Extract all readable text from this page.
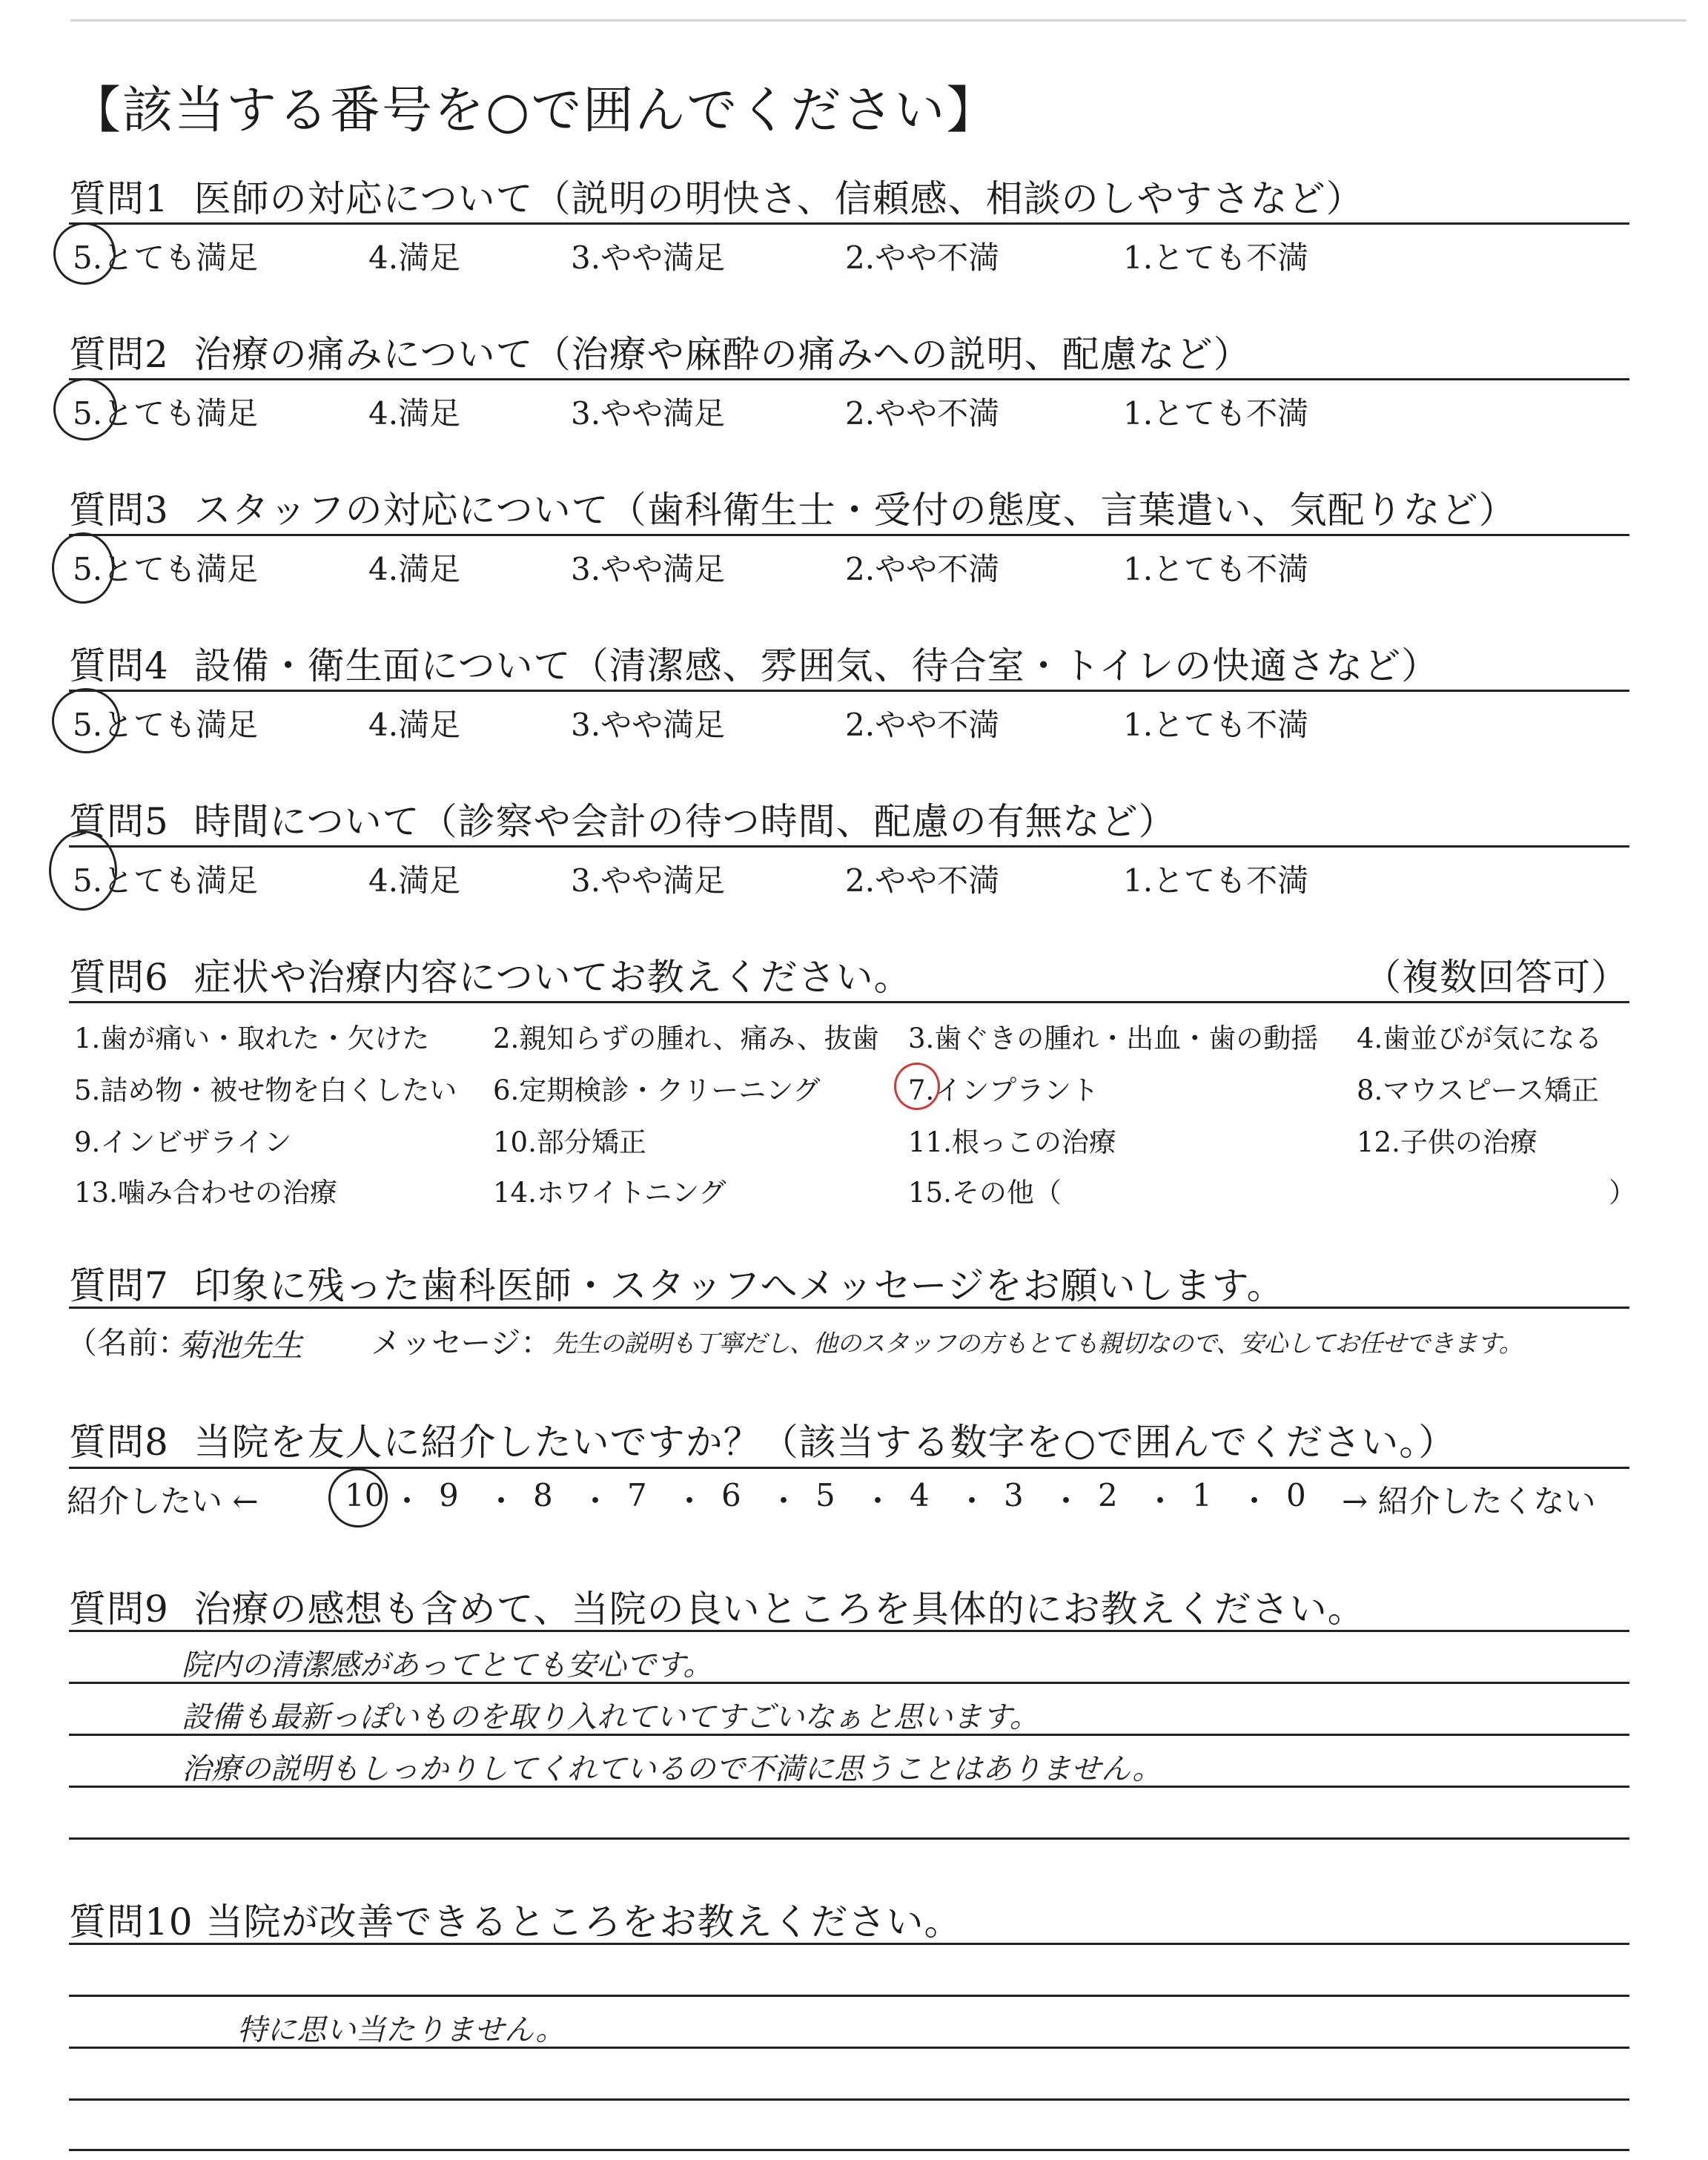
【該当する番号を○で囲んでください】
質問1 医師の対応について（説明の明快さ、信頼感、相談のしやすさなど）
5.とても満足	4.満足	3.やや満足	2.やや不満	1.とても不満
質問2 治療の痛みについて（治療や麻酔の痛みへの説明、配慮など）
5.とても満足	4.満足	3.やや満足	2.やや不満	1.とても不満
質問3 スタッフの対応について（歯科衛生士・受付の態度、言葉遣い、気配りなど）
5.とても満足	4.満足	3.やや満足	2.やや不満	1.とても不満
質問4 設備・衛生面について（清潔感、雰囲気、待合室・トイレの快適さなど）
5.とても満足	4.満足	3.やや満足	2.やや不満	1.とても不満
質問5 時間について（診察や会計の待つ時間、配慮の有無など）
5.とても満足	4.満足	3.やや満足	2.やや不満	1.とても不満
質問6 症状や治療内容についてお教えください。	（複数回答可）
1.歯が痛い・取れた・欠けた 2.親知らずの腫れ、痛み、抜歯 3.歯ぐきの腫れ・出血・歯の動揺 4.歯並びが気になる
5.詰め物・被せ物を白くしたい 6.定期検診・クリーニング	7.インプラント	8.マウスピース矯正
9.インビザライン	10.部分矯正	11.根っこの治療	12.子供の治療
13.噛み合わせの治療	14.ホワイトニング	15.その他（	）
質問7 印象に残った歯科医師・スタッフへメッセージをお願いします。
（名前：
菊池先生 メッセージ： 先生の説明も丁寧だし、他のスタッフの方もとても親切なので、安心してお任せできます。
質問8 当院を友人に紹介したいですか？（該当する数字を○で囲んでください。）
紹介したい ←	10 ・ 9 ・ 8 ・ 7 ・ 6 ・ 5 ・ 4 ・ 3 ・ 2 ・ 1 ・ 0 → 紹介したくない
質問9 治療の感想も含めて、当院の良いところを具体的にお教えください。
院内の清潔感があってとても安心です。
設備も最新っぽいものを取り入れていてすごいなぁと思います。
治療の説明もしっかりしてくれているので不満に思うことはありません。
質問10 当院が改善できるところをお教えください。
特に思い当たりません。
